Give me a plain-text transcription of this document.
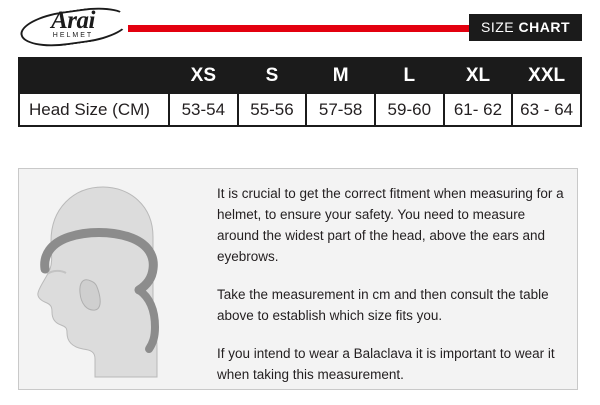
Arai
HELMET
SIZE CHART
	XS	S	M	L	XL	XXL
Head Size (CM)	53-54	55-56	57-58	59-60	61- 62	63 - 64

It is crucial to get the correct fitment when measuring for a helmet, to ensure your safety. You need to measure around the widest part of the head, above the ears and eyebrows.

Take the measurement in cm and then consult the table above to establish which size fits you.

If you intend to wear a Balaclava it is important to wear it when taking this measurement.
